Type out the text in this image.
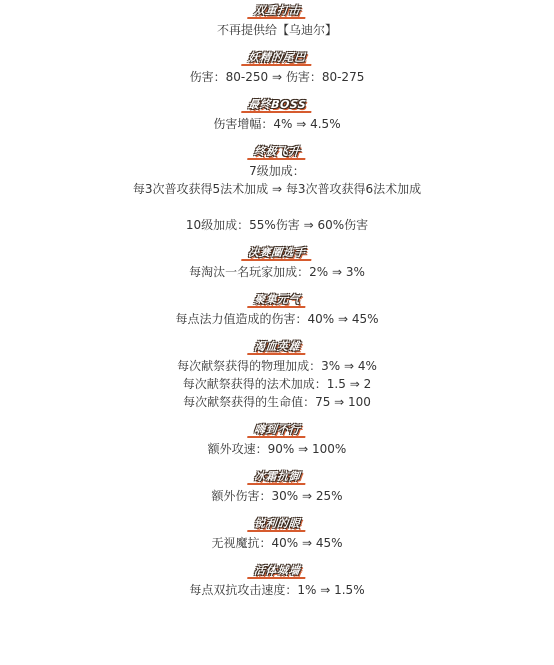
双重打击

不再提供给【乌迪尔】

妖精的尾巴

伤害：80-250 ⇒ 伤害：80-275

最终BOSS

伤害增幅：4% ⇒ 4.5%

终极飞升

7级加成：

每3次普攻获得5法术加成 ⇒ 每3次普攻获得6法术加成

10级加成：55%伤害 ⇒ 60%伤害

决赛圈选手

每淘汰一名玩家加成：2% ⇒ 3%

聚集元气

每点法力值造成的伤害：40% ⇒ 45%

渴血英雄

每次献祭获得的物理加成：3% ⇒ 4%

每次献祭获得的法术加成：1.5 ⇒ 2

每次献祭获得的生命值：75 ⇒ 100

嗨到不行

额外攻速：90% ⇒ 100%

冰霜抗御

额外伤害：30% ⇒ 25%

锐利的眼

无视魔抗：40% ⇒ 45%

活体城墙

每点双抗攻击速度：1% ⇒ 1.5%
